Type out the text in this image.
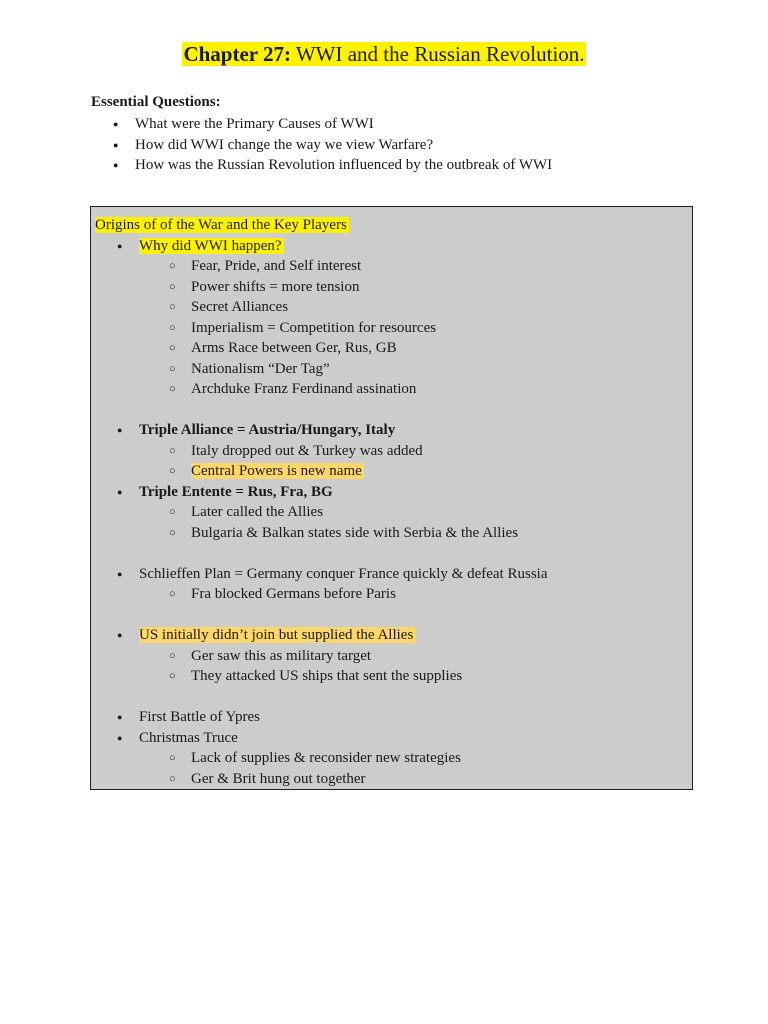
Chapter 27: WWI and the Russian Revolution.
Essential Questions:
● What were the Primary Causes of WWI
● How did WWI change the way we view Warfare?
● How was the Russian Revolution influenced by the outbreak of WWI
Origins of of the War and the Key Players
● Why did WWI happen?
○ Fear, Pride, and Self interest
○ Power shifts = more tension
○ Secret Alliances
○ Imperialism = Competition for resources
○ Arms Race between Ger, Rus, GB
○ Nationalism “Der Tag”
○ Archduke Franz Ferdinand assination
● Triple Alliance = Austria/Hungary, Italy
○ Italy dropped out & Turkey was added
○ Central Powers is new name
● Triple Entente = Rus, Fra, BG
○ Later called the Allies
○ Bulgaria & Balkan states side with Serbia & the Allies
● Schlieffen Plan = Germany conquer France quickly & defeat Russia
○ Fra blocked Germans before Paris
● US initially didn’t join but supplied the Allies
○ Ger saw this as military target
○ They attacked US ships that sent the supplies
● First Battle of Ypres
● Christmas Truce
○ Lack of supplies & reconsider new strategies
○ Ger & Brit hung out together
